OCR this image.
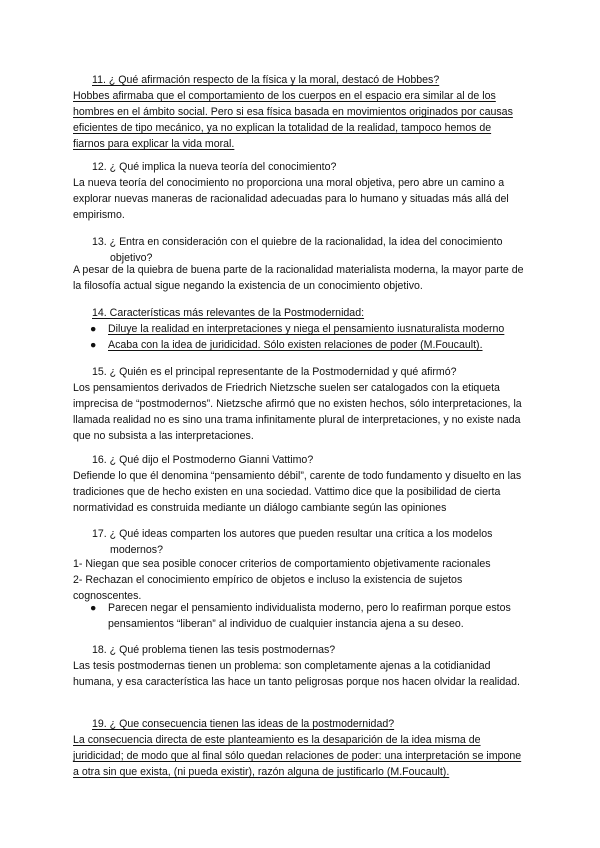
11. ¿ Qué afirmación respecto de la física y la moral, destacó de Hobbes?

Hobbes afirmaba que el comportamiento de los cuerpos en el espacio era similar al de los hombres en el ámbito social. Pero si esa física basada en movimientos originados por causas eficientes de tipo mecánico, ya no explican la totalidad de la realidad, tampoco hemos de fiarnos para explicar la vida moral.

12. ¿ Qué implica la nueva teoría del conocimiento?

La nueva teoría del conocimiento no proporciona una moral objetiva, pero abre un camino a explorar nuevas maneras de racionalidad adecuadas para lo humano y situadas más allá del empirismo.

13. ¿ Entra en consideración con el quiebre de la racionalidad, la idea del conocimiento
objetivo?

A pesar de la quiebra de buena parte de la racionalidad materialista moderna, la mayor parte de la filosofía actual sigue negando la existencia de un conocimiento objetivo.

14. Características más relevantes de la Postmodernidad:

● Diluye la realidad en interpretaciones y niega el pensamiento iusnaturalista moderno
● Acaba con la idea de juridicidad. Sólo existen relaciones de poder (M.Foucault).

15. ¿ Quién es el principal representante de la Postmodernidad y qué afirmó?

Los pensamientos derivados de Friedrich Nietzsche suelen ser catalogados con la etiqueta imprecisa de “postmodernos”. Nietzsche afirmó que no existen hechos, sólo interpretaciones, la llamada realidad no es sino una trama infinitamente plural de interpretaciones, y no existe nada que no subsista a las interpretaciones.

16. ¿ Qué dijo el Postmoderno Gianni Vattimo?

Defiende lo que él denomina “pensamiento débil”, carente de todo fundamento y disuelto en las tradiciones que de hecho existen en una sociedad. Vattimo dice que la posibilidad de cierta normatividad es construida mediante un diálogo cambiante según las opiniones

17. ¿ Qué ideas comparten los autores que pueden resultar una crítica a los modelos
modernos?

1- Niegan que sea posible conocer criterios de comportamiento objetivamente racionales

2- Rechazan el conocimiento empírico de objetos e incluso la existencia de sujetos cognoscentes.

● Parecen negar el pensamiento individualista moderno, pero lo reafirman porque estos pensamientos “liberan” al individuo de cualquier instancia ajena a su deseo.

18. ¿ Qué problema tienen las tesis postmodernas?

Las tesis postmodernas tienen un problema: son completamente ajenas a la cotidianidad humana, y esa característica las hace un tanto peligrosas porque nos hacen olvidar la realidad.

19. ¿ Que consecuencia tienen las ideas de la postmodernidad?

La consecuencia directa de este planteamiento es la desaparición de la idea misma de juridicidad; de modo que al final sólo quedan relaciones de poder: una interpretación se impone a otra sin que exista, (ni pueda existir), razón alguna de justificarlo (M.Foucault).
